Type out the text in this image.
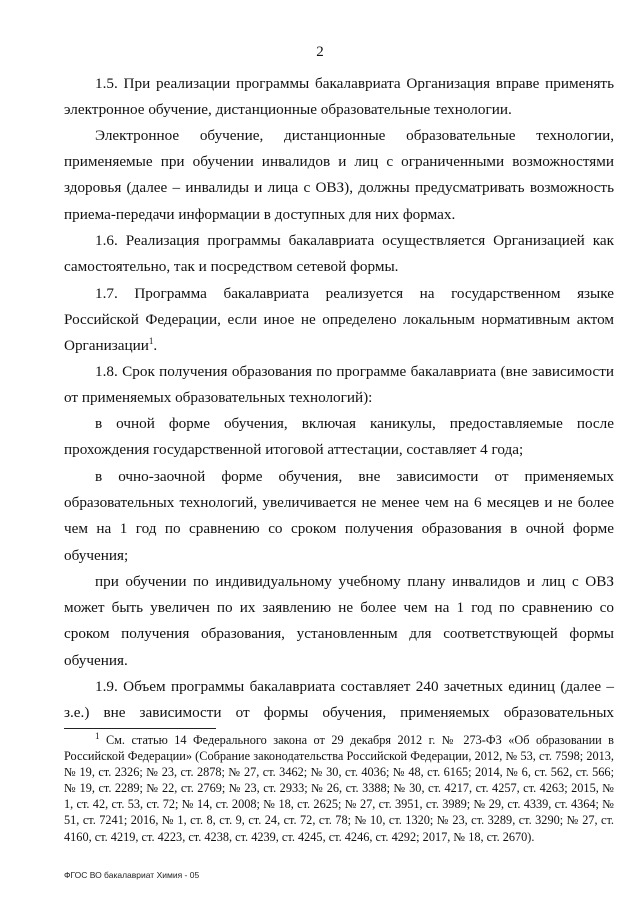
2
1.5. При реализации программы бакалавриата Организация вправе применять электронное обучение, дистанционные образовательные технологии.
Электронное обучение, дистанционные образовательные технологии, применяемые при обучении инвалидов и лиц с ограниченными возможностями здоровья (далее – инвалиды и лица с ОВЗ), должны предусматривать возможность приема-передачи информации в доступных для них формах.
1.6. Реализация программы бакалавриата осуществляется Организацией как самостоятельно, так и посредством сетевой формы.
1.7. Программа бакалавриата реализуется на государственном языке Российской Федерации, если иное не определено локальным нормативным актом Организации$^1$.
1.8. Срок получения образования по программе бакалавриата (вне зависимости от применяемых образовательных технологий):
в очной форме обучения, включая каникулы, предоставляемые после прохождения государственной итоговой аттестации, составляет 4 года;
в очно-заочной форме обучения, вне зависимости от применяемых образовательных технологий, увеличивается не менее чем на 6 месяцев и не более чем на 1 год по сравнению со сроком получения образования в очной форме обучения;
при обучении по индивидуальному учебному плану инвалидов и лиц с ОВЗ может быть увеличен по их заявлению не более чем на 1 год по сравнению со сроком получения образования, установленным для соответствующей формы обучения.
1.9. Объем программы бакалавриата составляет 240 зачетных единиц (далее – з.е.) вне зависимости от формы обучения, применяемых образовательных
$^1$ См. статью 14 Федерального закона от 29 декабря 2012 г. № 273-ФЗ «Об образовании в Российской Федерации» (Собрание законодательства Российской Федерации, 2012, № 53, ст. 7598; 2013, № 19, ст. 2326; № 23, ст. 2878; № 27, ст. 3462; № 30, ст. 4036; № 48, ст. 6165; 2014, № 6, ст. 562, ст. 566; № 19, ст. 2289; № 22, ст. 2769; № 23, ст. 2933; № 26, ст. 3388; № 30, ст. 4217, ст. 4257, ст. 4263; 2015, № 1, ст. 42, ст. 53, ст. 72; № 14, ст. 2008; № 18, ст. 2625; № 27, ст. 3951, ст. 3989; № 29, ст. 4339, ст. 4364; № 51, ст. 7241; 2016, № 1, ст. 8, ст. 9, ст. 24, ст. 72, ст. 78; № 10, ст. 1320; № 23, ст. 3289, ст. 3290; № 27, ст. 4160, ст. 4219, ст. 4223, ст. 4238, ст. 4239, ст. 4245, ст. 4246, ст. 4292; 2017, № 18, ст. 2670).
ФГОС ВО бакалавриат Химия - 05
